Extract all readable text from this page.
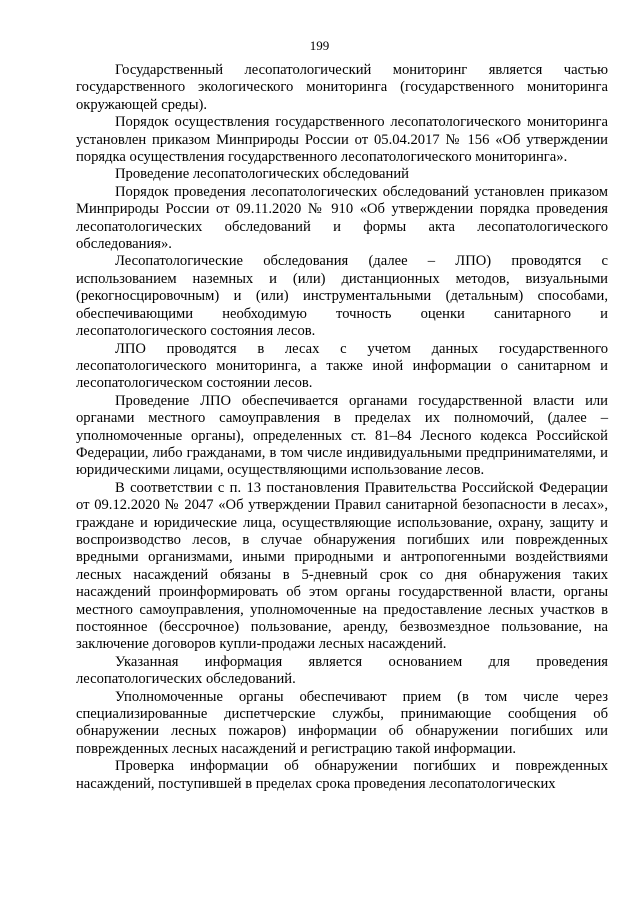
199

Государственный лесопатологический мониторинг является частью государственного экологического мониторинга (государственного мониторинга окружающей среды).

Порядок осуществления государственного лесопатологического мониторинга установлен приказом Минприроды России от 05.04.2017 № 156 «Об утверждении порядка осуществления государственного лесопатологического мониторинга».

Проведение лесопатологических обследований

Порядок проведения лесопатологических обследований установлен приказом Минприроды России от 09.11.2020 № 910 «Об утверждении порядка проведения лесопатологических обследований и формы акта лесопатологического обследования».

Лесопатологические обследования (далее – ЛПО) проводятся с использованием наземных и (или) дистанционных методов, визуальными (рекогносцировочным) и (или) инструментальными (детальным) способами, обеспечивающими необходимую точность оценки санитарного и лесопатологического состояния лесов.

ЛПО проводятся в лесах с учетом данных государственного лесопатологического мониторинга, а также иной информации о санитарном и лесопатологическом состоянии лесов.

Проведение ЛПО обеспечивается органами государственной власти или органами местного самоуправления в пределах их полномочий, (далее – уполномоченные органы), определенных ст. 81–84 Лесного кодекса Российской Федерации, либо гражданами, в том числе индивидуальными предпринимателями, и юридическими лицами, осуществляющими использование лесов.

В соответствии с п. 13 постановления Правительства Российской Федерации от 09.12.2020 № 2047 «Об утверждении Правил санитарной безопасности в лесах», граждане и юридические лица, осуществляющие использование, охрану, защиту и воспроизводство лесов, в случае обнаружения погибших или поврежденных вредными организмами, иными природными и антропогенными воздействиями лесных насаждений обязаны в 5-дневный срок со дня обнаружения таких насаждений проинформировать об этом органы государственной власти, органы местного самоуправления, уполномоченные на предоставление лесных участков в постоянное (бессрочное) пользование, аренду, безвозмездное пользование, на заключение договоров купли-продажи лесных насаждений.

Указанная информация является основанием для проведения лесопатологических обследований.

Уполномоченные органы обеспечивают прием (в том числе через специализированные диспетчерские службы, принимающие сообщения об обнаружении лесных пожаров) информации об обнаружении погибших или поврежденных лесных насаждений и регистрацию такой информации.

Проверка информации об обнаружении погибших и поврежденных насаждений, поступившей в пределах срока проведения лесопатологических
